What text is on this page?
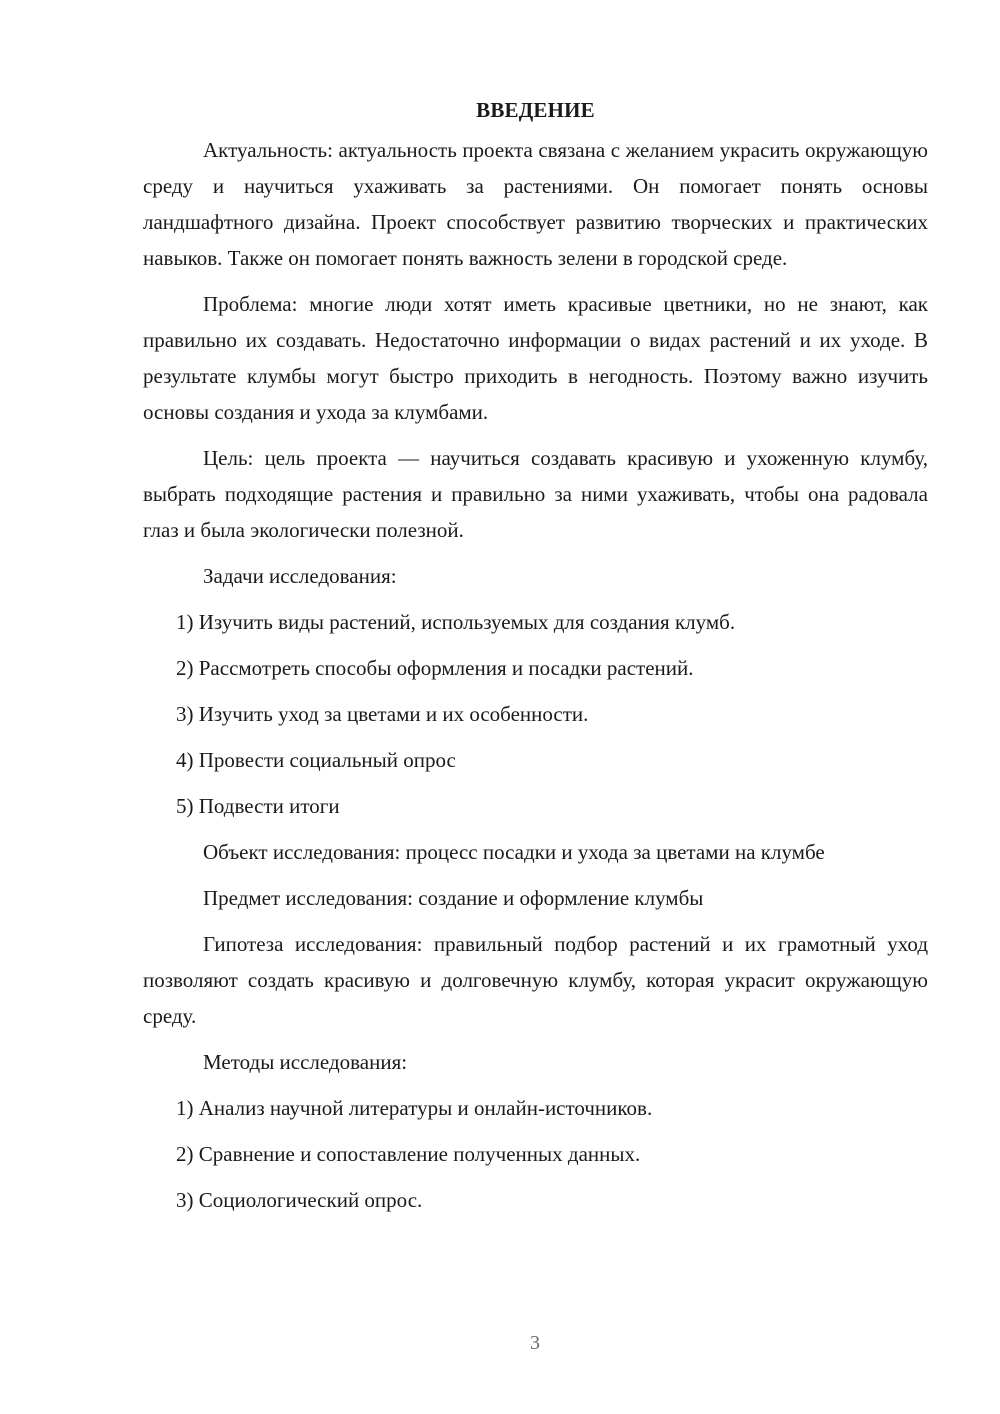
ВВЕДЕНИЕ
Актуальность: актуальность проекта связана с желанием украсить окружающую среду и научиться ухаживать за растениями. Он помогает понять основы ландшафтного дизайна. Проект способствует развитию творческих и практических навыков. Также он помогает понять важность зелени в городской среде.
Проблема: многие люди хотят иметь красивые цветники, но не знают, как правильно их создавать. Недостаточно информации о видах растений и их уходе. В результате клумбы могут быстро приходить в негодность. Поэтому важно изучить основы создания и ухода за клумбами.
Цель: цель проекта — научиться создавать красивую и ухоженную клумбу, выбрать подходящие растения и правильно за ними ухаживать, чтобы она радовала глаз и была экологически полезной.
Задачи исследования:
1) Изучить виды растений, используемых для создания клумб.
2) Рассмотреть способы оформления и посадки растений.
3) Изучить уход за цветами и их особенности.
4) Провести социальный опрос
5) Подвести итоги
Объект исследования: процесс посадки и ухода за цветами на клумбе
Предмет исследования: создание и оформление клумбы
Гипотеза исследования: правильный подбор растений и их грамотный уход позволяют создать красивую и долговечную клумбу, которая украсит окружающую среду.
Методы исследования:
1) Анализ научной литературы и онлайн-источников.
2) Сравнение и сопоставление полученных данных.
3) Социологический опрос.
3
